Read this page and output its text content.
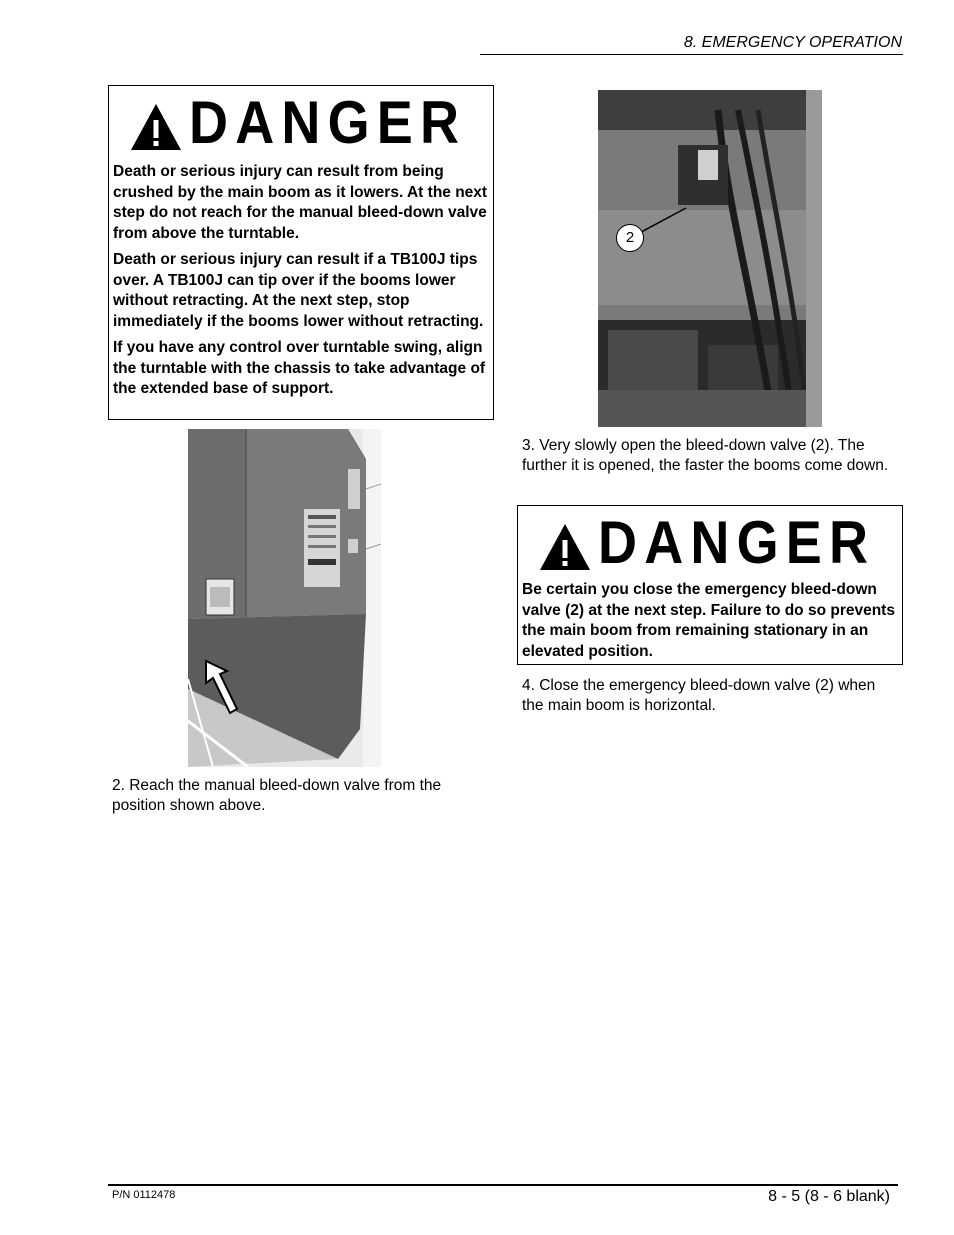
8. EMERGENCY OPERATION
DANGER

Death or serious injury can result from being crushed by the main boom as it lowers. At the next step do not reach for the manual bleed-down valve from above the turntable.

Death or serious injury can result if a TB100J tips over. A TB100J can tip over if the booms lower without retracting. At the next step, stop immediately if the booms lower without retracting.

If you have any control over turntable swing, align the turntable with the chassis to take advantage of the extended base of support.

2
3. Very slowly open the bleed-down valve (2). The further it is opened, the faster the booms come down.
DANGER

Be certain you close the emergency bleed-down valve (2) at the next step. Failure to do so prevents the main boom from remaining stationary in an elevated position.

4. Close the emergency bleed-down valve (2) when the main boom is horizontal.
2. Reach the manual bleed-down valve from the position shown above.
P/N 0112478	8 - 5 (8 - 6 blank)
